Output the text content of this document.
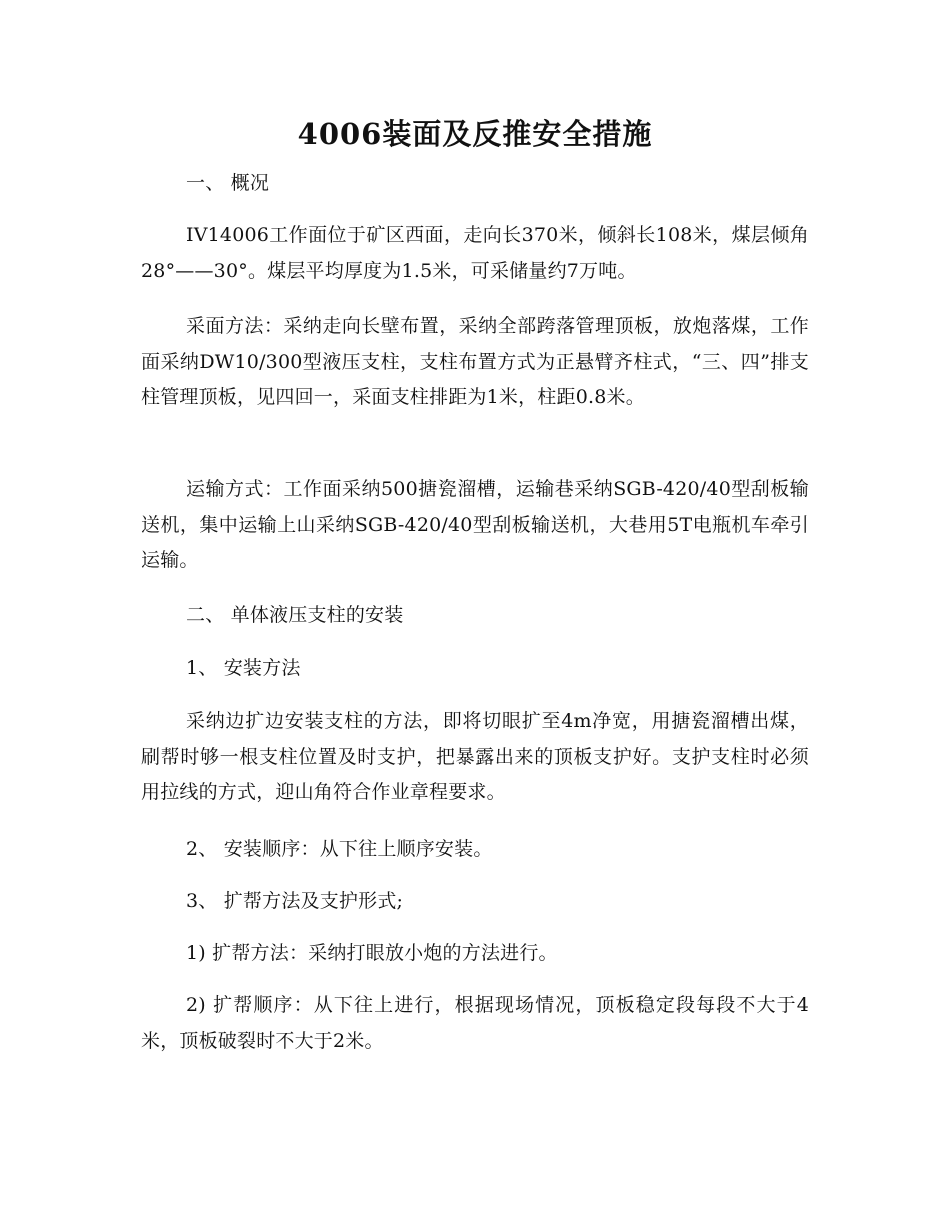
4006装面及反推安全措施
一、 概况
IV14006工作面位于矿区西面，走向长370米，倾斜长108米，煤层倾角28°——30°。煤层平均厚度为1.5米，可采储量约7万吨。
采面方法：采纳走向长壁布置，采纳全部跨落管理顶板，放炮落煤，工作面采纳DW10/300型液压支柱，支柱布置方式为正悬臂齐柱式，“三、四”排支柱管理顶板，见四回一，采面支柱排距为1米，柱距0.8米。
运输方式：工作面采纳500搪瓷溜槽，运输巷采纳SGB-420/40型刮板输送机，集中运输上山采纳SGB-420/40型刮板输送机，大巷用5T电瓶机车牵引运输。
二、 单体液压支柱的安装
1、 安装方法
采纳边扩边安装支柱的方法，即将切眼扩至4m净宽，用搪瓷溜槽出煤，刷帮时够一根支柱位置及时支护，把暴露出来的顶板支护好。支护支柱时必须用拉线的方式，迎山角符合作业章程要求。
2、 安装顺序：从下往上顺序安装。
3、 扩帮方法及支护形式;
1) 扩帮方法：采纳打眼放小炮的方法进行。
2) 扩帮顺序：从下往上进行，根据现场情况，顶板稳定段每段不大于4米，顶板破裂时不大于2米。
